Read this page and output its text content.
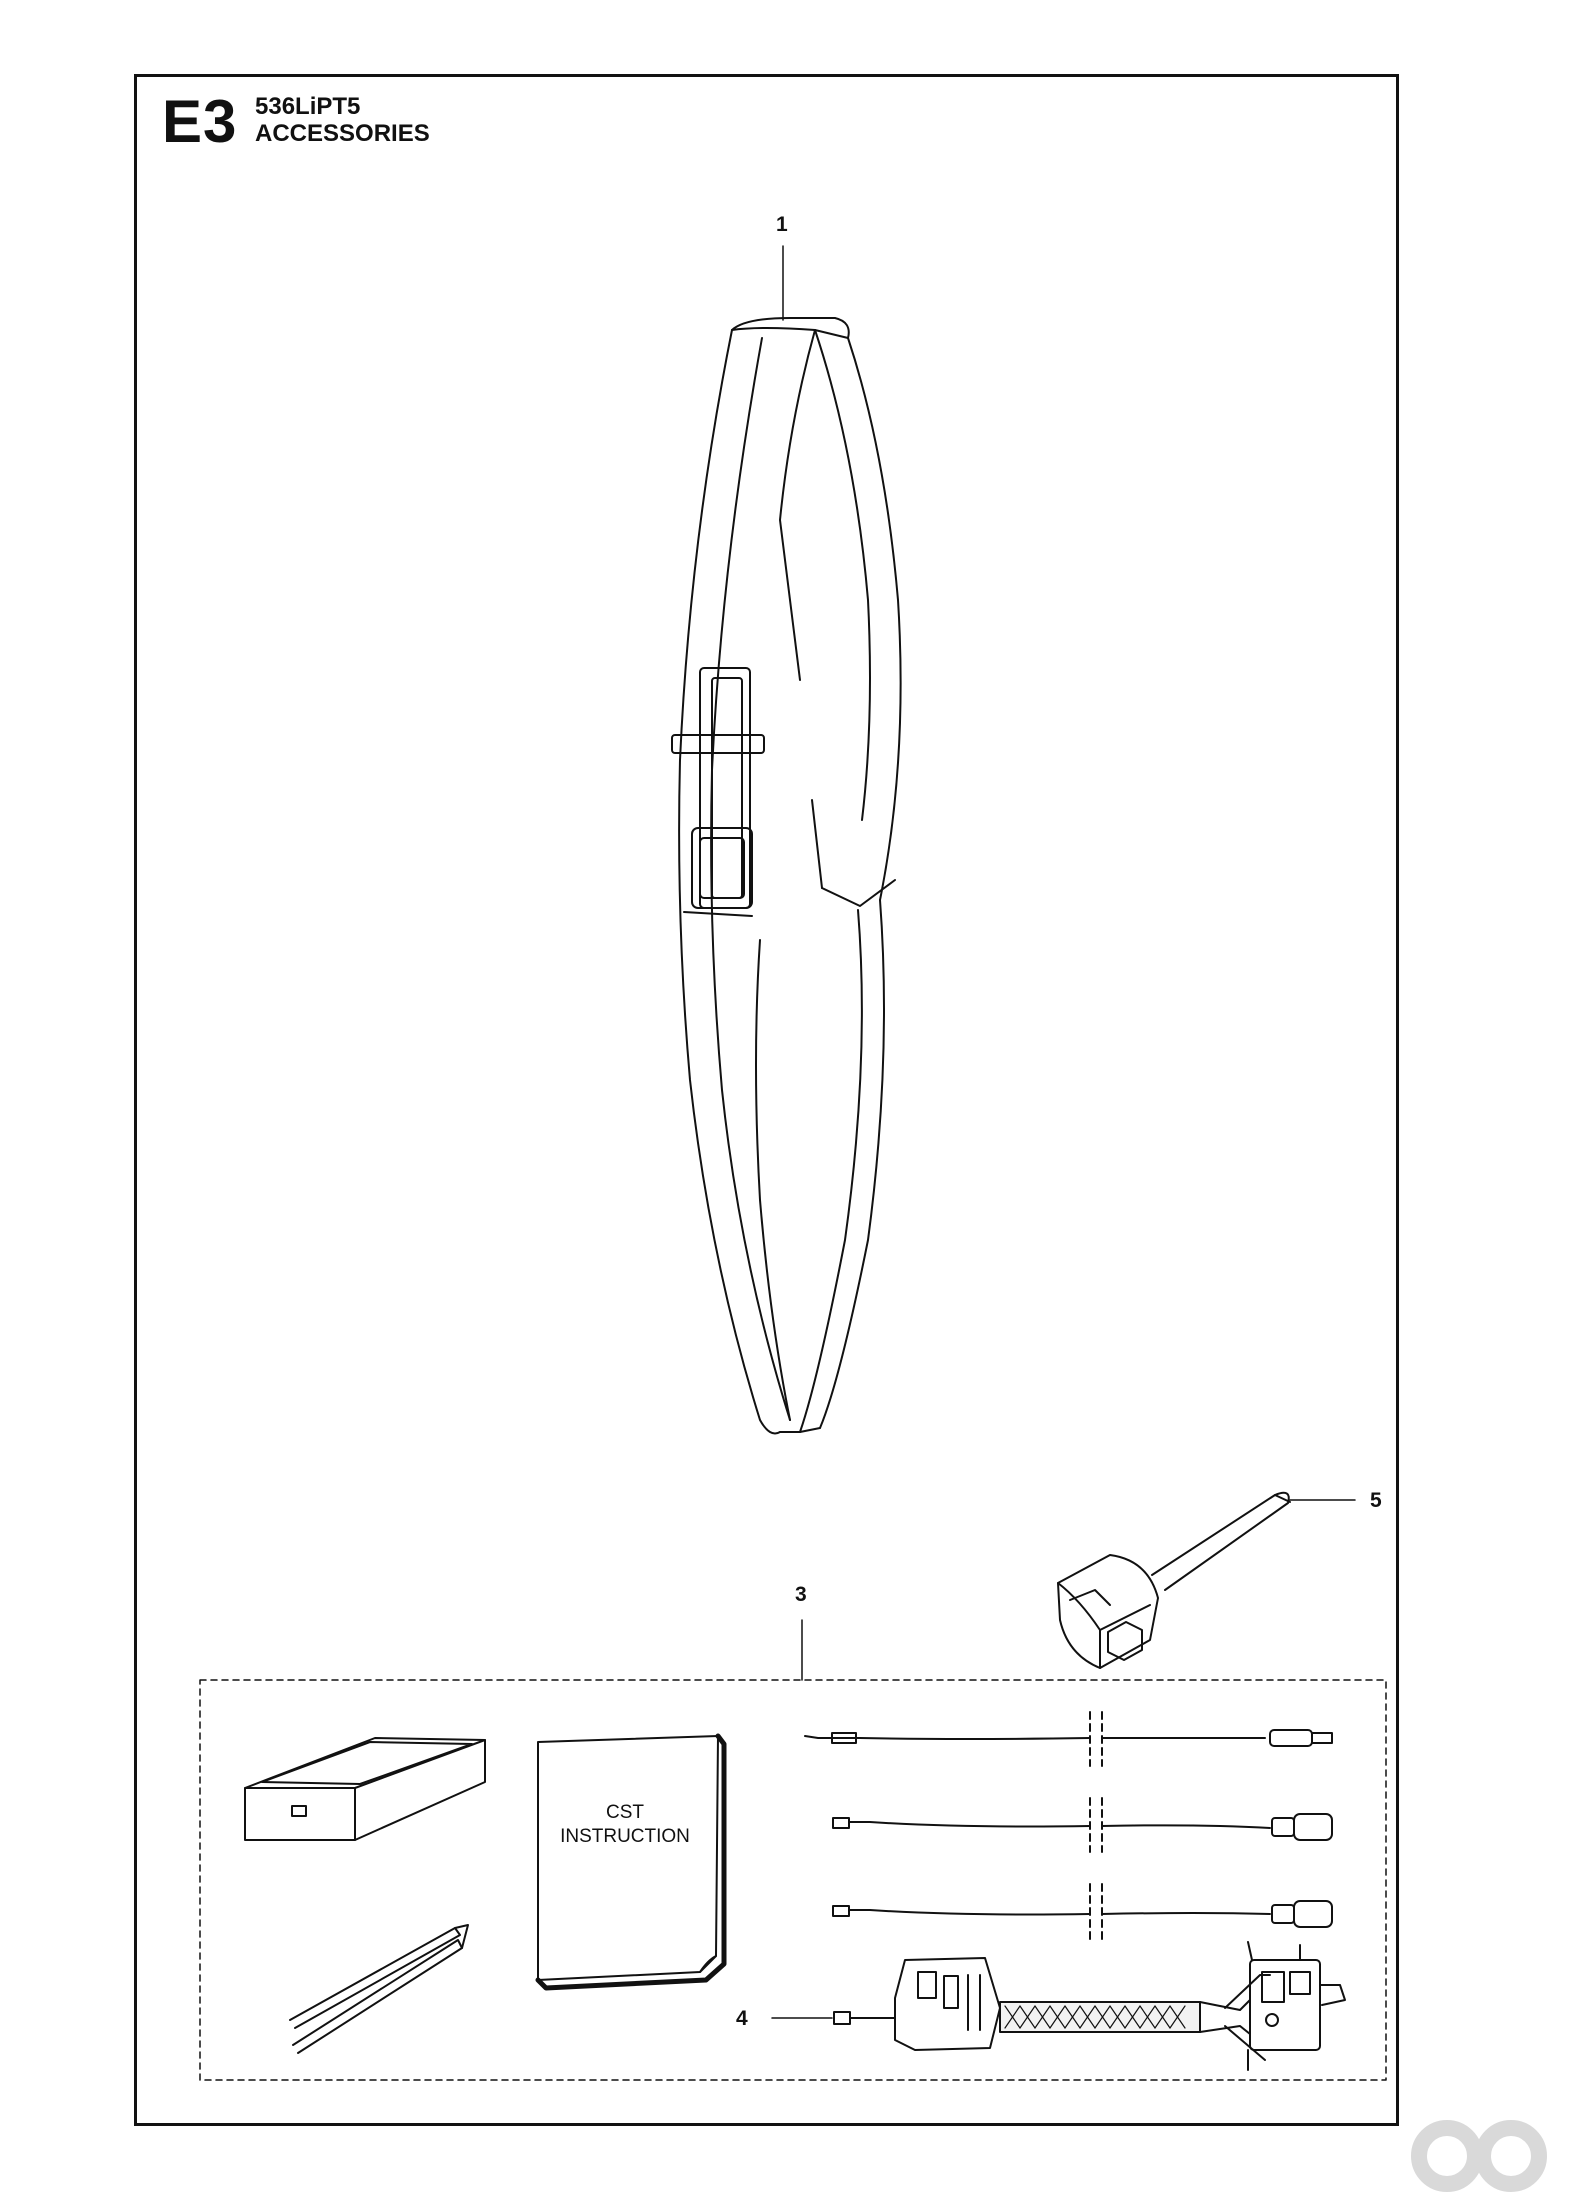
E3 536LiPT5
ACCESSORIES
1
3
4
5
CST
INSTRUCTION
